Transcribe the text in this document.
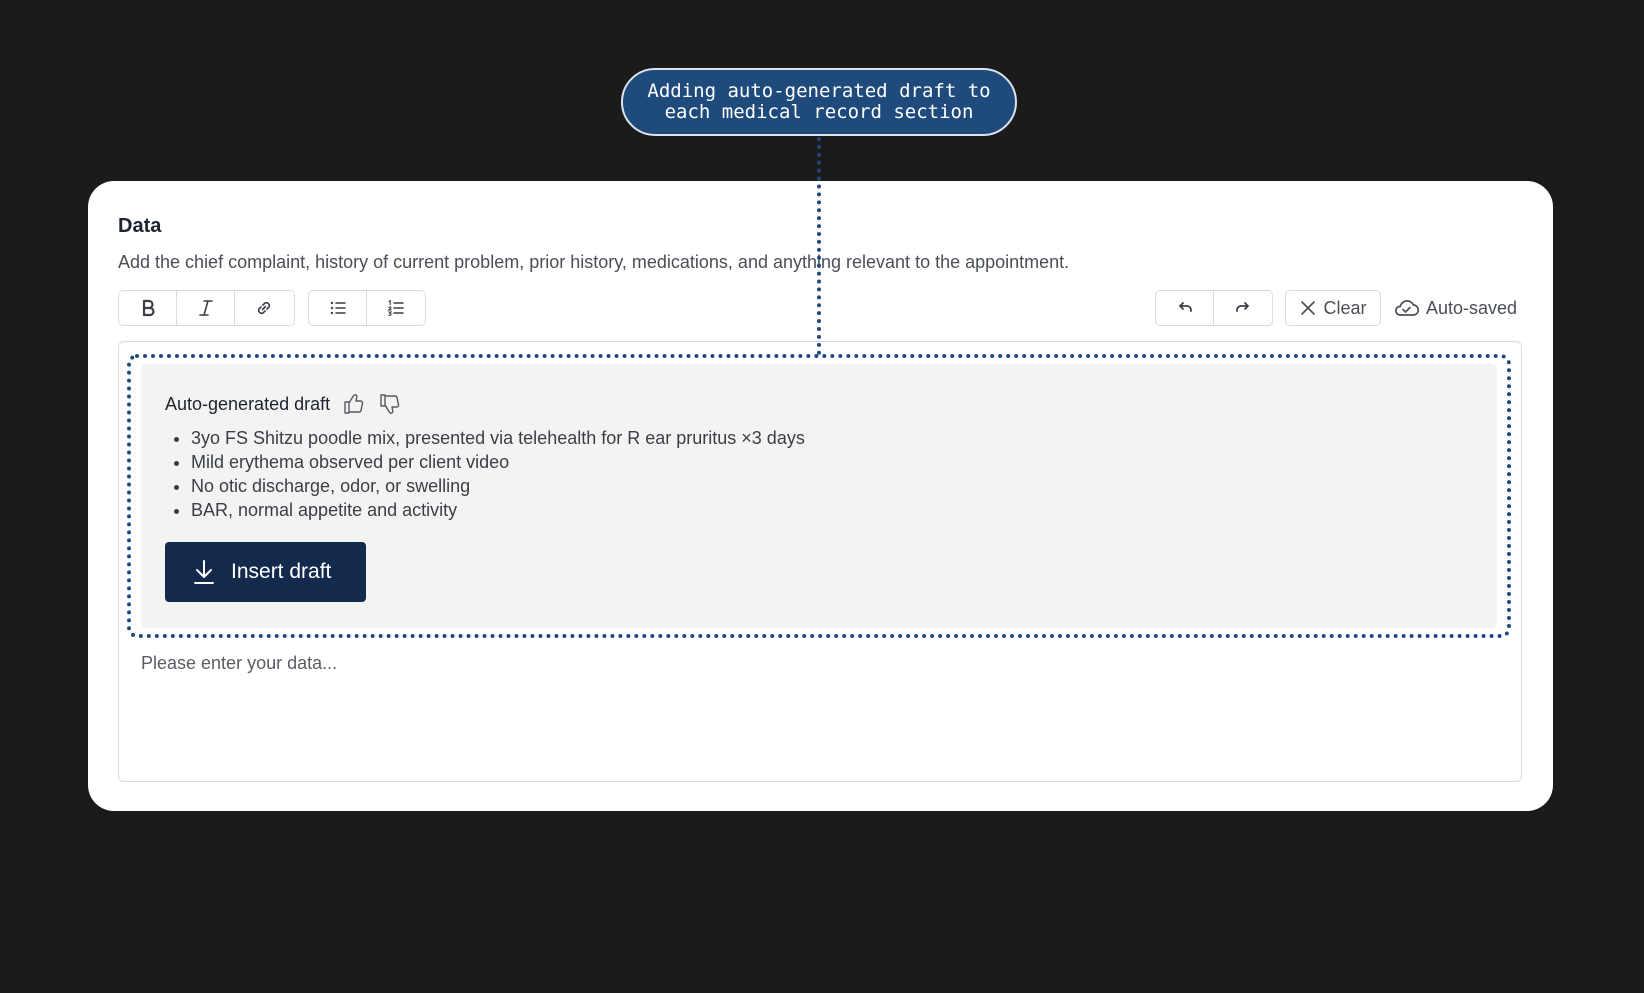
Adding auto-generated draft to
each medical record section
Data
Add the chief complaint, history of current problem, prior history, medications, and anything relevant to the appointment.
Clear	Auto-saved
Auto-generated draft
• 3yo FS Shitzu poodle mix, presented via telehealth for R ear pruritus ×3 days
• Mild erythema observed per client video
• No otic discharge, odor, or swelling
• BAR, normal appetite and activity
Insert draft
Please enter your data...
